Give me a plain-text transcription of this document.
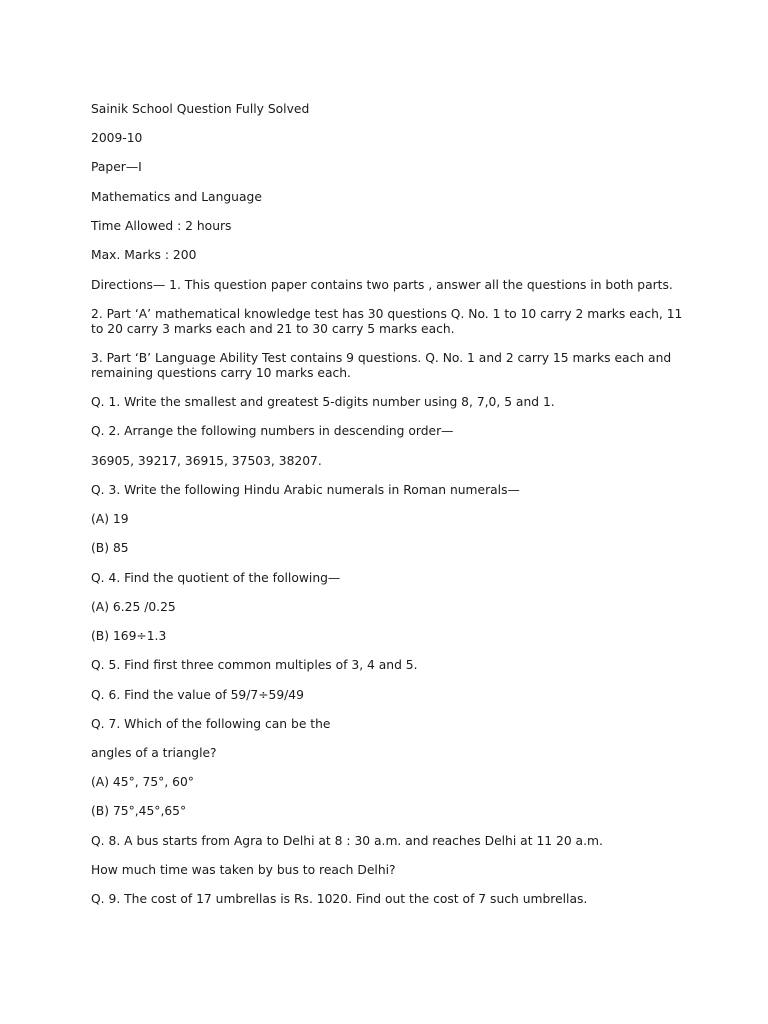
Sainik School Question Fully Solved

2009-10

Paper—I

Mathematics and Language

Time Allowed : 2 hours

Max. Marks : 200

Directions— 1. This question paper contains two parts , answer all the questions in both parts.

2. Part ‘A’ mathematical knowledge test has 30 questions Q. No. 1 to 10 carry 2 marks each, 11 to 20 carry 3 marks each and 21 to 30 carry 5 marks each.

3. Part ‘B’ Language Ability Test contains 9 questions. Q. No. 1 and 2 carry 15 marks each and remaining questions carry 10 marks each.

Q. 1. Write the smallest and greatest 5-digits number using 8, 7,0, 5 and 1.

Q. 2. Arrange the following numbers in descending order—

36905, 39217, 36915, 37503, 38207.

Q. 3. Write the following Hindu Arabic numerals in Roman numerals—

(A) 19

(B) 85

Q. 4. Find the quotient of the following—

(A) 6.25 /0.25

(B) 169÷1.3

Q. 5. Find first three common multiples of 3, 4 and 5.

Q. 6. Find the value of 59/7÷59/49

Q. 7. Which of the following can be the

angles of a triangle?

(A) 45°, 75°, 60°

(B) 75°,45°,65°

Q. 8. A bus starts from Agra to Delhi at 8 : 30 a.m. and reaches Delhi at 11 20 a.m.

How much time was taken by bus to reach Delhi?

Q. 9. The cost of 17 umbrellas is Rs. 1020. Find out the cost of 7 such umbrellas.
